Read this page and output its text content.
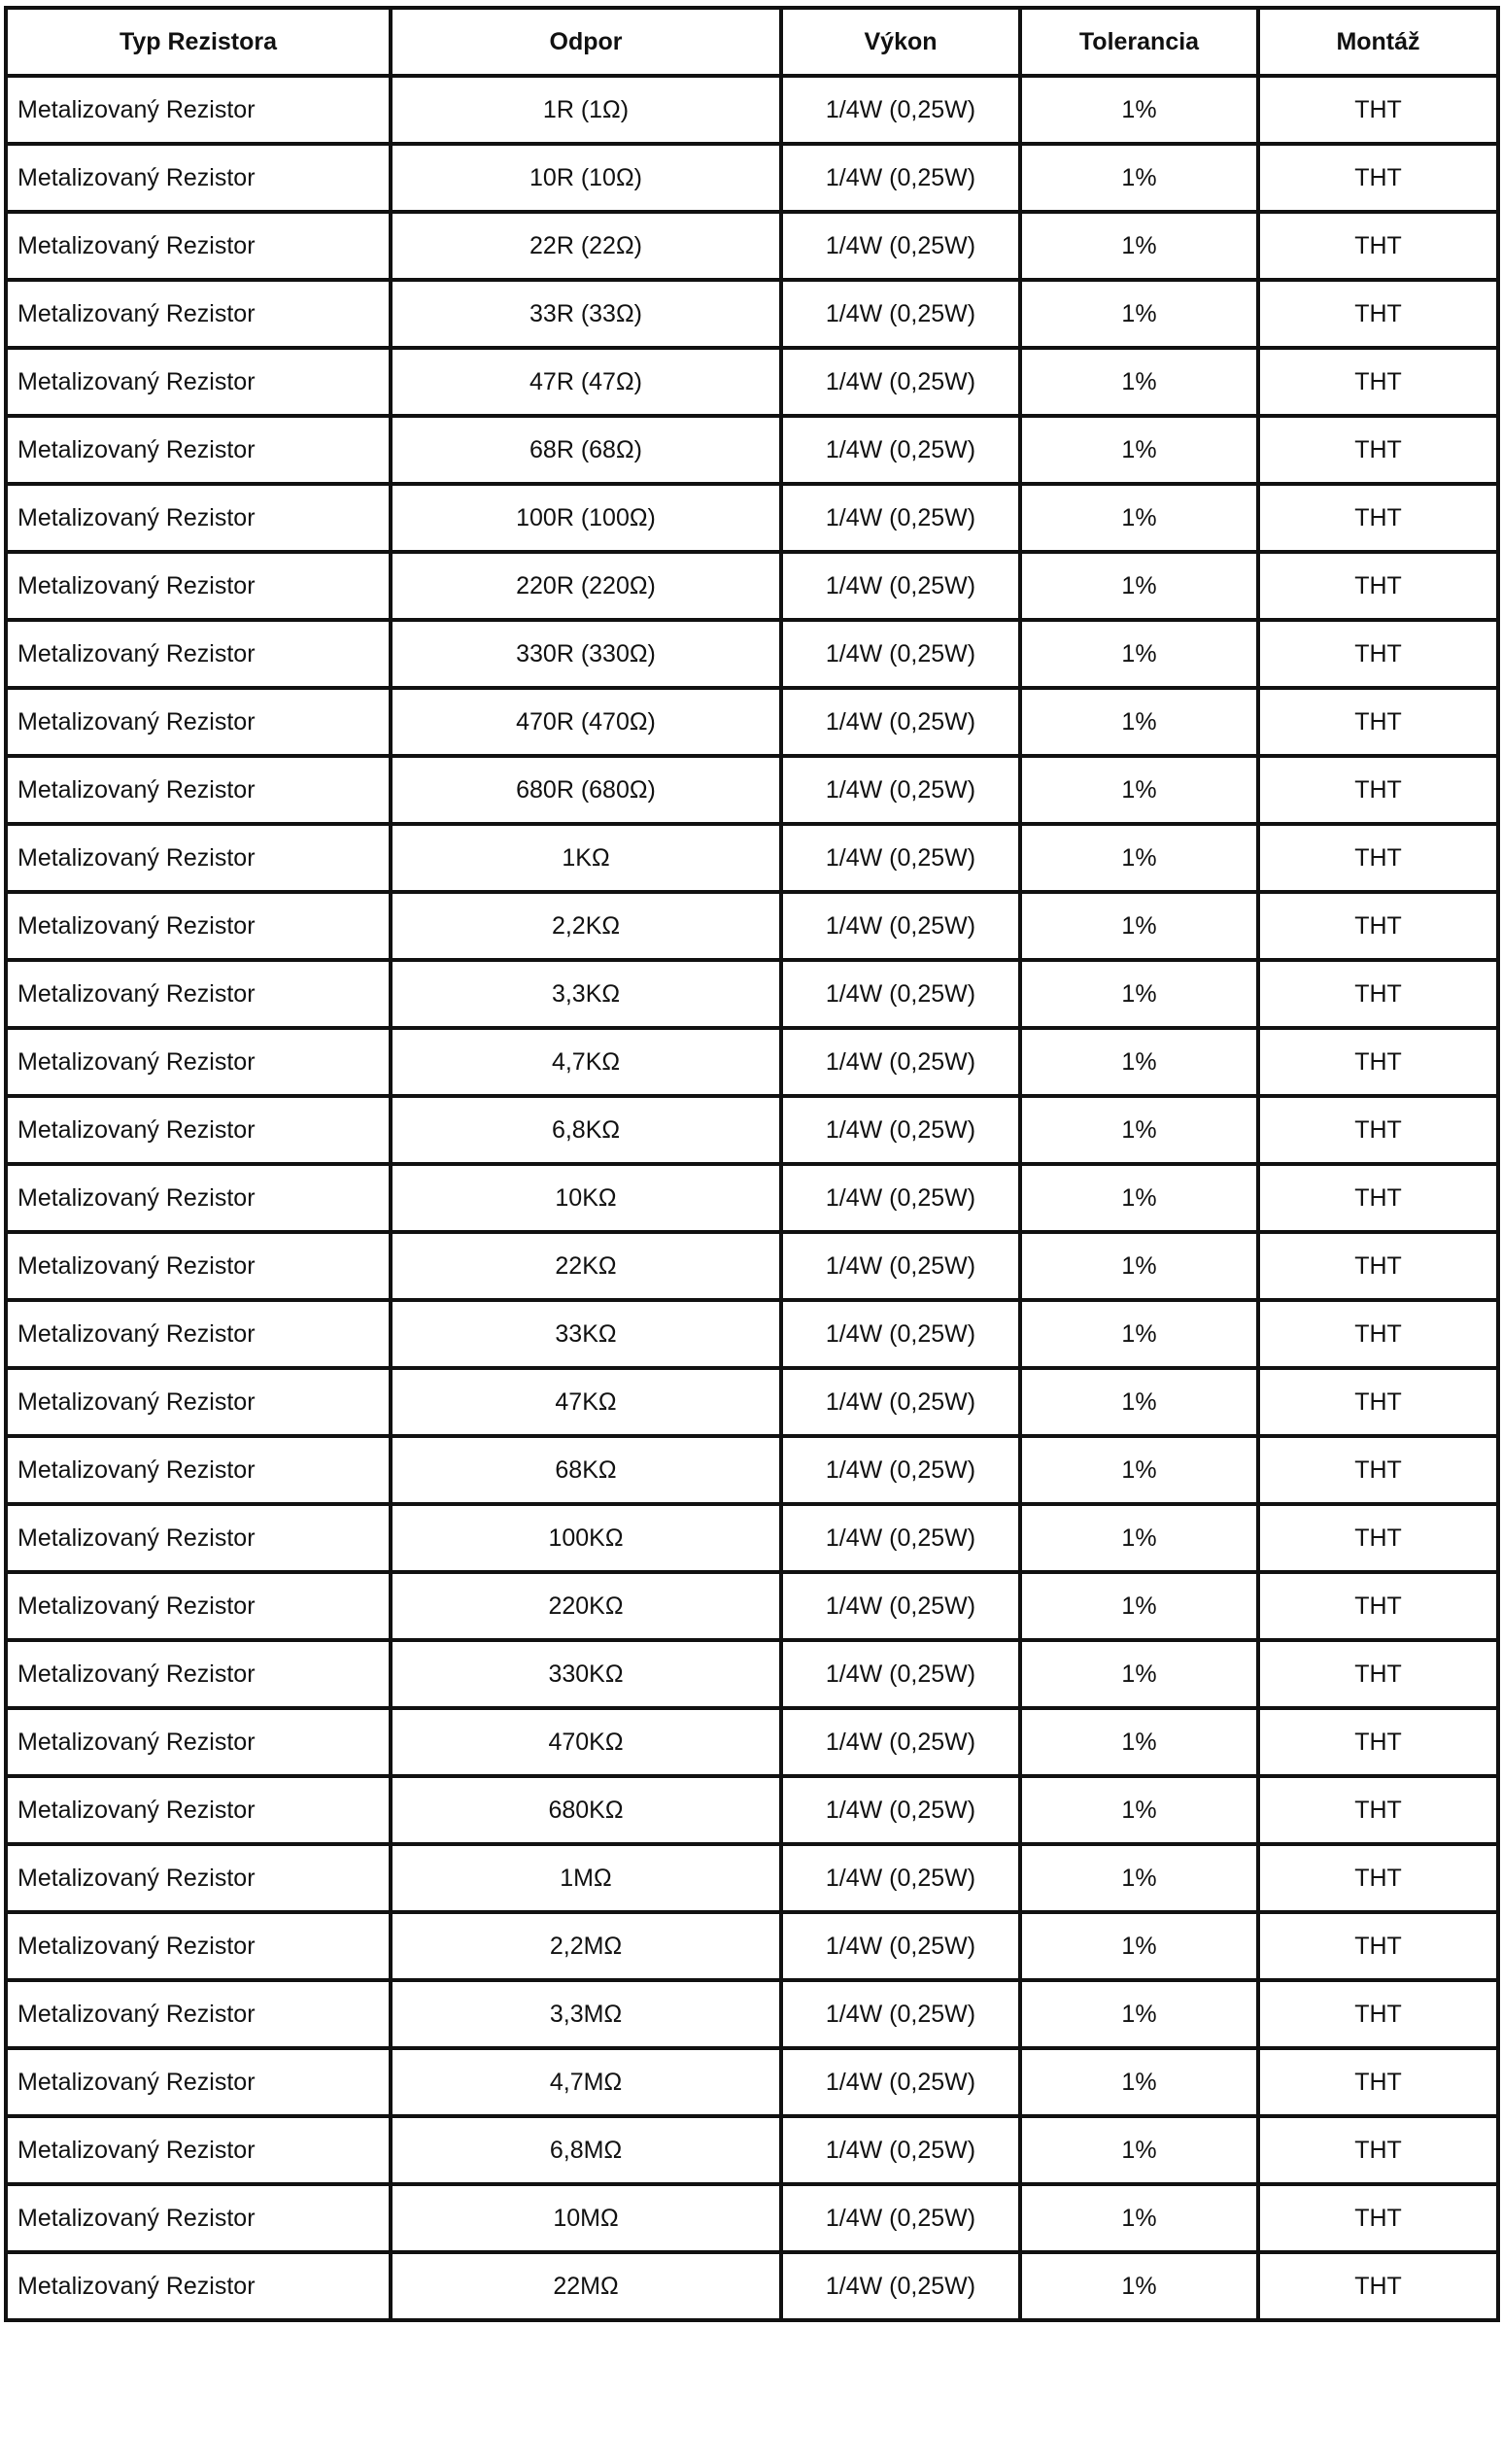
Typ Rezistora	Odpor	Výkon	Tolerancia	Montáž
Metalizovaný Rezistor	1R (1Ω)	1/4W (0,25W)	1%	THT
Metalizovaný Rezistor	10R (10Ω)	1/4W (0,25W)	1%	THT
Metalizovaný Rezistor	22R (22Ω)	1/4W (0,25W)	1%	THT
Metalizovaný Rezistor	33R (33Ω)	1/4W (0,25W)	1%	THT
Metalizovaný Rezistor	47R (47Ω)	1/4W (0,25W)	1%	THT
Metalizovaný Rezistor	68R (68Ω)	1/4W (0,25W)	1%	THT
Metalizovaný Rezistor	100R (100Ω)	1/4W (0,25W)	1%	THT
Metalizovaný Rezistor	220R (220Ω)	1/4W (0,25W)	1%	THT
Metalizovaný Rezistor	330R (330Ω)	1/4W (0,25W)	1%	THT
Metalizovaný Rezistor	470R (470Ω)	1/4W (0,25W)	1%	THT
Metalizovaný Rezistor	680R (680Ω)	1/4W (0,25W)	1%	THT
Metalizovaný Rezistor	1KΩ	1/4W (0,25W)	1%	THT
Metalizovaný Rezistor	2,2KΩ	1/4W (0,25W)	1%	THT
Metalizovaný Rezistor	3,3KΩ	1/4W (0,25W)	1%	THT
Metalizovaný Rezistor	4,7KΩ	1/4W (0,25W)	1%	THT
Metalizovaný Rezistor	6,8KΩ	1/4W (0,25W)	1%	THT
Metalizovaný Rezistor	10KΩ	1/4W (0,25W)	1%	THT
Metalizovaný Rezistor	22KΩ	1/4W (0,25W)	1%	THT
Metalizovaný Rezistor	33KΩ	1/4W (0,25W)	1%	THT
Metalizovaný Rezistor	47KΩ	1/4W (0,25W)	1%	THT
Metalizovaný Rezistor	68KΩ	1/4W (0,25W)	1%	THT
Metalizovaný Rezistor	100KΩ	1/4W (0,25W)	1%	THT
Metalizovaný Rezistor	220KΩ	1/4W (0,25W)	1%	THT
Metalizovaný Rezistor	330KΩ	1/4W (0,25W)	1%	THT
Metalizovaný Rezistor	470KΩ	1/4W (0,25W)	1%	THT
Metalizovaný Rezistor	680KΩ	1/4W (0,25W)	1%	THT
Metalizovaný Rezistor	1MΩ	1/4W (0,25W)	1%	THT
Metalizovaný Rezistor	2,2MΩ	1/4W (0,25W)	1%	THT
Metalizovaný Rezistor	3,3MΩ	1/4W (0,25W)	1%	THT
Metalizovaný Rezistor	4,7MΩ	1/4W (0,25W)	1%	THT
Metalizovaný Rezistor	6,8MΩ	1/4W (0,25W)	1%	THT
Metalizovaný Rezistor	10MΩ	1/4W (0,25W)	1%	THT
Metalizovaný Rezistor	22MΩ	1/4W (0,25W)	1%	THT
